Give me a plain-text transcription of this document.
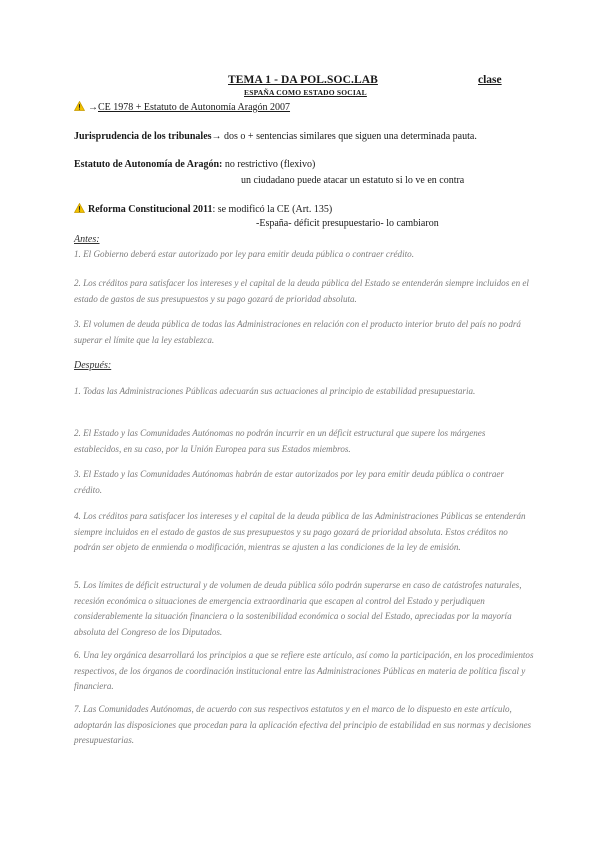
TEMA 1 - DA POL.SOC.LAB	clase
ESPAÑA COMO ESTADO SOCIAL
→CE 1978 + Estatuto de Autonomía Aragón 2007
Jurisprudencia de los tribunales→ dos o + sentencias similares que siguen una determinada pauta.
Estatuto de Autonomía de Aragón: no restrictivo (flexivo)
un ciudadano puede atacar un estatuto si lo ve en contra
Reforma Constitucional 2011: se modificó la CE (Art. 135)
-España- déficit presupuestario- lo cambiaron
Antes:
1. El Gobierno deberá estar autorizado por ley para emitir deuda pública o contraer crédito.
2. Los créditos para satisfacer los intereses y el capital de la deuda pública del Estado se entenderán siempre incluidos en el estado de gastos de sus presupuestos y su pago gozará de prioridad absoluta.
3. El volumen de deuda pública de todas las Administraciones en relación con el producto interior bruto del país no podrá superar el límite que la ley establezca.
Después:
1. Todas las Administraciones Públicas adecuarán sus actuaciones al principio de estabilidad presupuestaria.
2. El Estado y las Comunidades Autónomas no podrán incurrir en un déficit estructural que supere los márgenes establecidos, en su caso, por la Unión Europea para sus Estados miembros.
3. El Estado y las Comunidades Autónomas habrán de estar autorizados por ley para emitir deuda pública o contraer crédito.
4. Los créditos para satisfacer los intereses y el capital de la deuda pública de las Administraciones Públicas se entenderán siempre incluidos en el estado de gastos de sus presupuestos y su pago gozará de prioridad absoluta. Estos créditos no podrán ser objeto de enmienda o modificación, mientras se ajusten a las condiciones de la ley de emisión.
5. Los límites de déficit estructural y de volumen de deuda pública sólo podrán superarse en caso de catástrofes naturales, recesión económica o situaciones de emergencia extraordinaria que escapen al control del Estado y perjudiquen considerablemente la situación financiera o la sostenibilidad económica o social del Estado, apreciadas por la mayoría absoluta del Congreso de los Diputados.
6. Una ley orgánica desarrollará los principios a que se refiere este artículo, así como la participación, en los procedimientos respectivos, de los órganos de coordinación institucional entre las Administraciones Públicas en materia de política fiscal y financiera.
7. Las Comunidades Autónomas, de acuerdo con sus respectivos estatutos y en el marco de lo dispuesto en este artículo, adoptarán las disposiciones que procedan para la aplicación efectiva del principio de estabilidad en sus normas y decisiones presupuestarias.
